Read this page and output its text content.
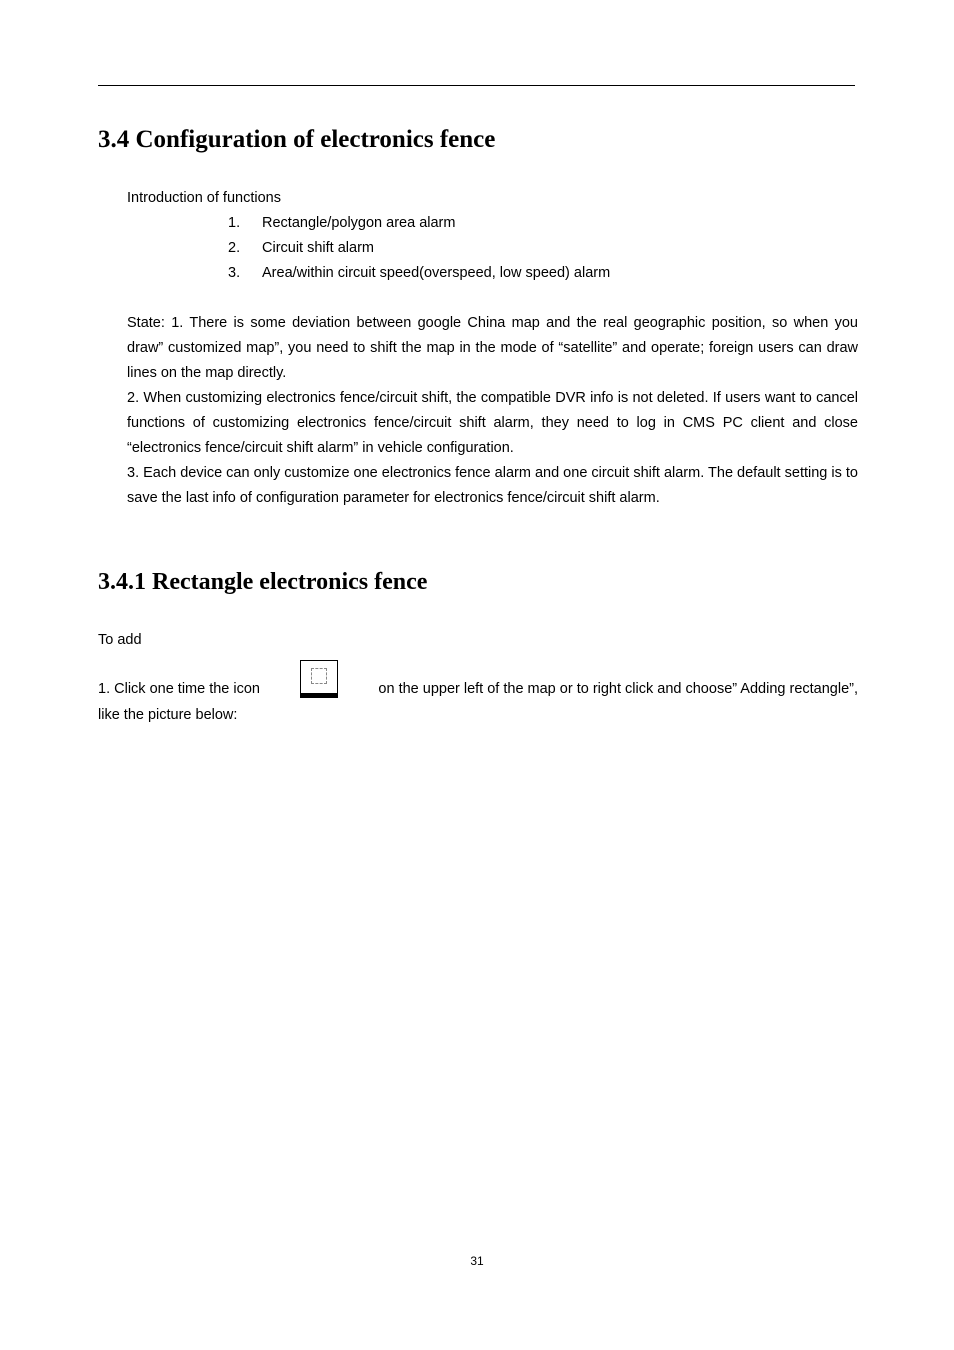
3.4 Configuration of electronics fence
Introduction of functions
1. Rectangle/polygon area alarm
2. Circuit shift alarm
3. Area/within circuit speed(overspeed, low speed) alarm

State: 1. There is some deviation between google China map and the real geographic position, so when you draw” customized map”, you need to shift the map in the mode of “satellite” and operate; foreign users can draw lines on the map directly.

2. When customizing electronics fence/circuit shift, the compatible DVR info is not deleted. If users want to cancel functions of customizing electronics fence/circuit shift alarm, they need to log in CMS PC client and close “electronics fence/circuit shift alarm” in vehicle configuration.

3. Each device can only customize one electronics fence alarm and one circuit shift alarm. The default setting is to save the last info of configuration parameter for electronics fence/circuit shift alarm.

3.4.1 Rectangle electronics fence
To add
1. Click one time the icon	on the upper left of the map or to right click and choose” Adding rectangle”,
like the picture below:
31
